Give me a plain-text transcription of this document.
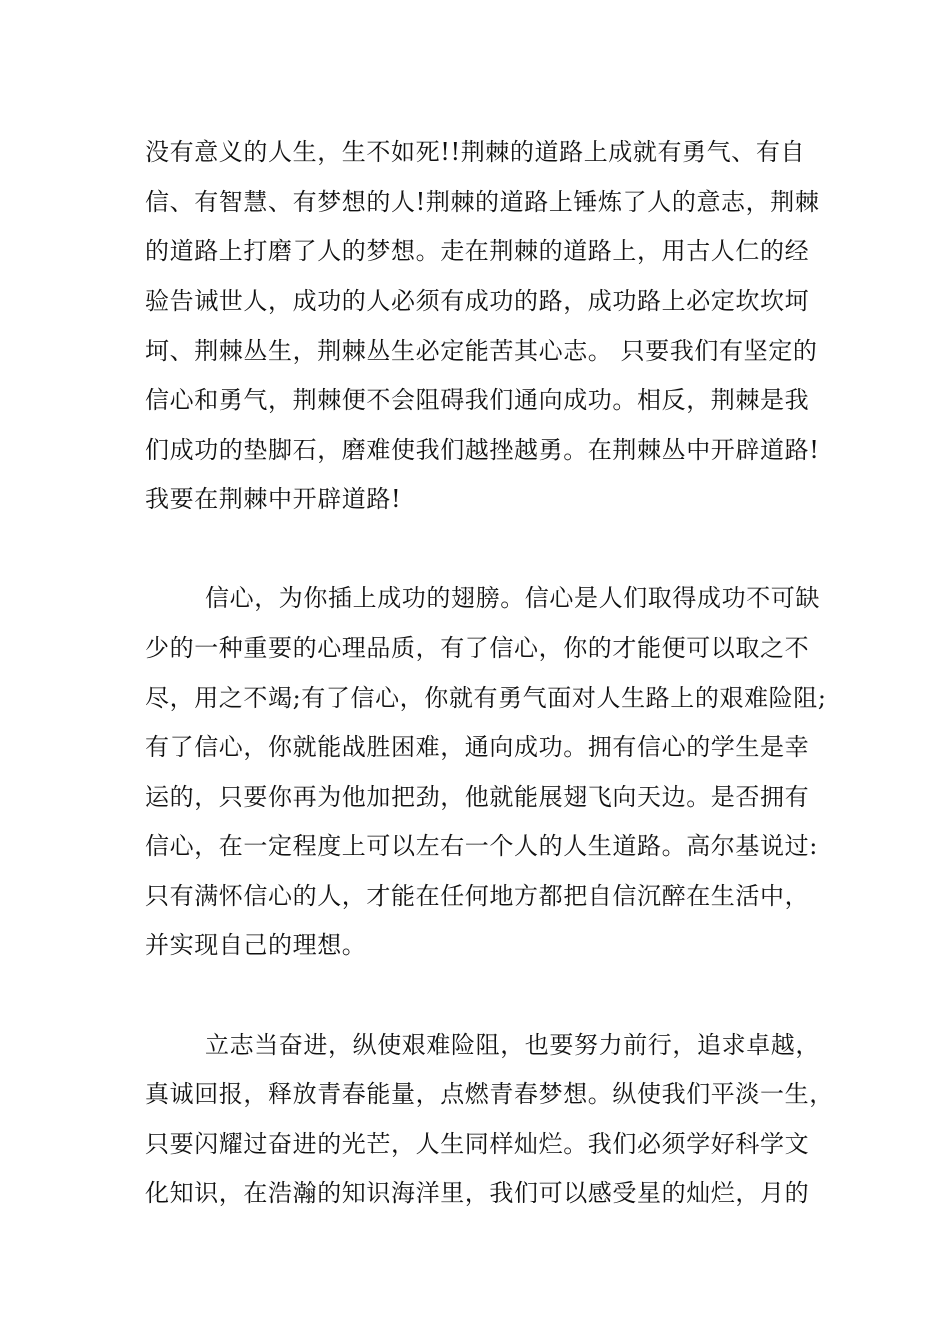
没有意义的人生，生不如死!!荆棘的道路上成就有勇气、有自
信、有智慧、有梦想的人!荆棘的道路上锤炼了人的意志，荆棘
的道路上打磨了人的梦想。走在荆棘的道路上，用古人仁的经
验告诫世人，成功的人必须有成功的路，成功路上必定坎坎坷
坷、荆棘丛生，荆棘丛生必定能苦其心志。 只要我们有坚定的
信心和勇气，荆棘便不会阻碍我们通向成功。相反，荆棘是我
们成功的垫脚石，磨难使我们越挫越勇。在荆棘丛中开辟道路!
我要在荆棘中开辟道路!
信心，为你插上成功的翅膀。信心是人们取得成功不可缺
少的一种重要的心理品质，有了信心，你的才能便可以取之不
尽，用之不竭;有了信心，你就有勇气面对人生路上的艰难险阻;
有了信心，你就能战胜困难，通向成功。拥有信心的学生是幸
运的，只要你再为他加把劲，他就能展翅飞向天边。是否拥有
信心，在一定程度上可以左右一个人的人生道路。高尔基说过:
只有满怀信心的人，才能在任何地方都把自信沉醉在生活中，
并实现自己的理想。
立志当奋进，纵使艰难险阻，也要努力前行，追求卓越，
真诚回报，释放青春能量，点燃青春梦想。纵使我们平淡一生，
只要闪耀过奋进的光芒，人生同样灿烂。我们必须学好科学文
化知识，在浩瀚的知识海洋里，我们可以感受星的灿烂，月的
